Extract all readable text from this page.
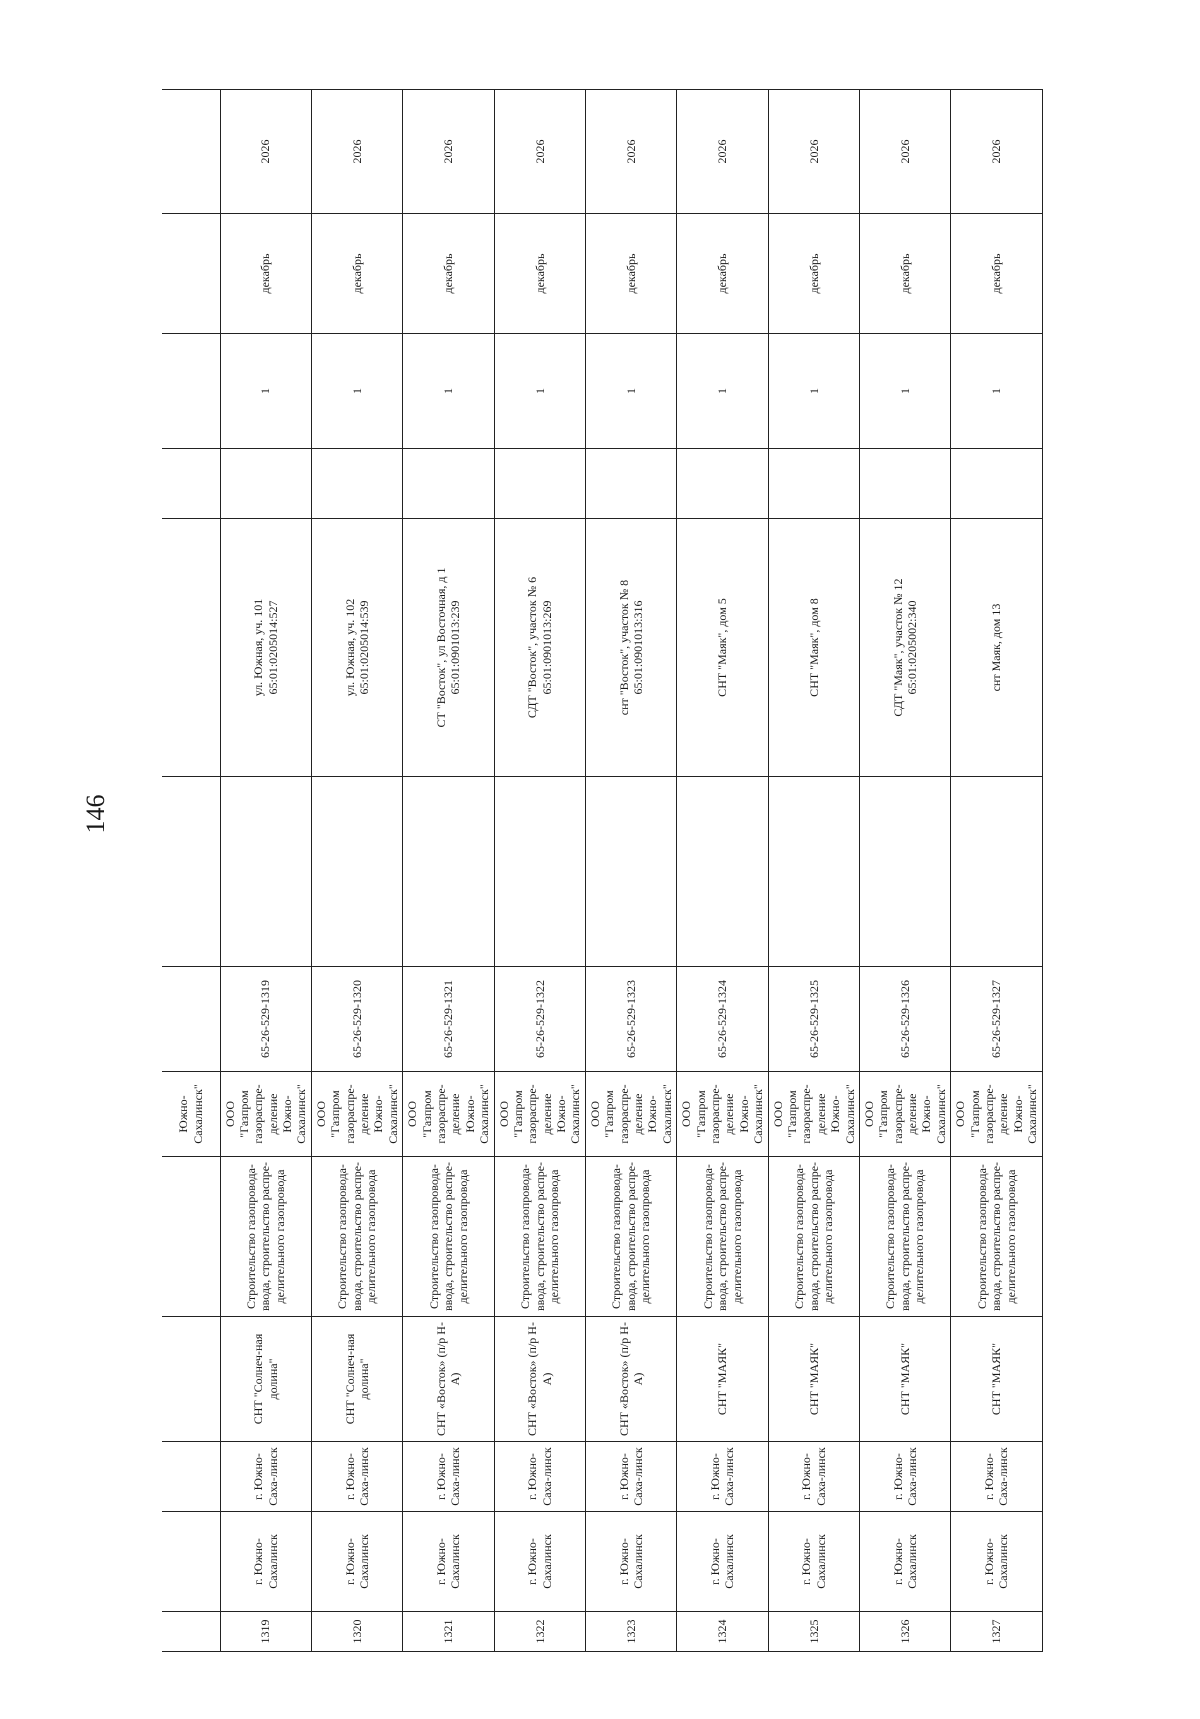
146
					Южно-Сахалинск"							
1319	г. Южно-Сахалинск	г. Южно-Саха-линск	СНТ "Солнеч-ная долина"	Строительство газопровода-ввода, строительство распре-делительного газопровода	ООО "Газпром газораспре-деление Южно-Сахалинск"	65-26-529-1319		ул. Южная, уч. 101 65:01:0205014:527		1	декабрь	2026
1320	г. Южно-Сахалинск	г. Южно-Саха-линск	СНТ "Солнеч-ная долина"	Строительство газопровода-ввода, строительство распре-делительного газопровода	ООО "Газпром газораспре-деление Южно-Сахалинск"	65-26-529-1320		ул. Южная, уч. 102 65:01:0205014:539		1	декабрь	2026
1321	г. Южно-Сахалинск	г. Южно-Саха-линск	СНТ «Восток» (п/р Н-А)	Строительство газопровода-ввода, строительство распре-делительного газопровода	ООО "Газпром газораспре-деление Южно-Сахалинск"	65-26-529-1321		СТ "Восток", ул Восточная, д 1 65:01:0901013:239		1	декабрь	2026
1322	г. Южно-Сахалинск	г. Южно-Саха-линск	СНТ «Восток» (п/р Н-А)	Строительство газопровода-ввода, строительство распре-делительного газопровода	ООО "Газпром газораспре-деление Южно-Сахалинск"	65-26-529-1322		СДТ "Восток", участок № 6 65:01:0901013:269		1	декабрь	2026
1323	г. Южно-Сахалинск	г. Южно-Саха-линск	СНТ «Восток» (п/р Н-А)	Строительство газопровода-ввода, строительство распре-делительного газопровода	ООО "Газпром газораспре-деление Южно-Сахалинск"	65-26-529-1323		снт "Восток", участок № 8 65:01:0901013:316		1	декабрь	2026
1324	г. Южно-Сахалинск	г. Южно-Саха-линск	СНТ "МАЯК"	Строительство газопровода-ввода, строительство распре-делительного газопровода	ООО "Газпром газораспре-деление Южно-Сахалинск"	65-26-529-1324		СНТ "Маяк", дом 5		1	декабрь	2026
1325	г. Южно-Сахалинск	г. Южно-Саха-линск	СНТ "МАЯК"	Строительство газопровода-ввода, строительство распре-делительного газопровода	ООО "Газпром газораспре-деление Южно-Сахалинск"	65-26-529-1325		СНТ "Маяк", дом 8		1	декабрь	2026
1326	г. Южно-Сахалинск	г. Южно-Саха-линск	СНТ "МАЯК"	Строительство газопровода-ввода, строительство распре-делительного газопровода	ООО "Газпром газораспре-деление Южно-Сахалинск"	65-26-529-1326		СДТ "Маяк", участок № 12 65:01:0205002:340		1	декабрь	2026
1327	г. Южно-Сахалинск	г. Южно-Саха-линск	СНТ "МАЯК"	Строительство газопровода-ввода, строительство распре-делительного газопровода	ООО "Газпром газораспре-деление Южно-Сахалинск"	65-26-529-1327		снт Маяк, дом 13		1	декабрь	2026
